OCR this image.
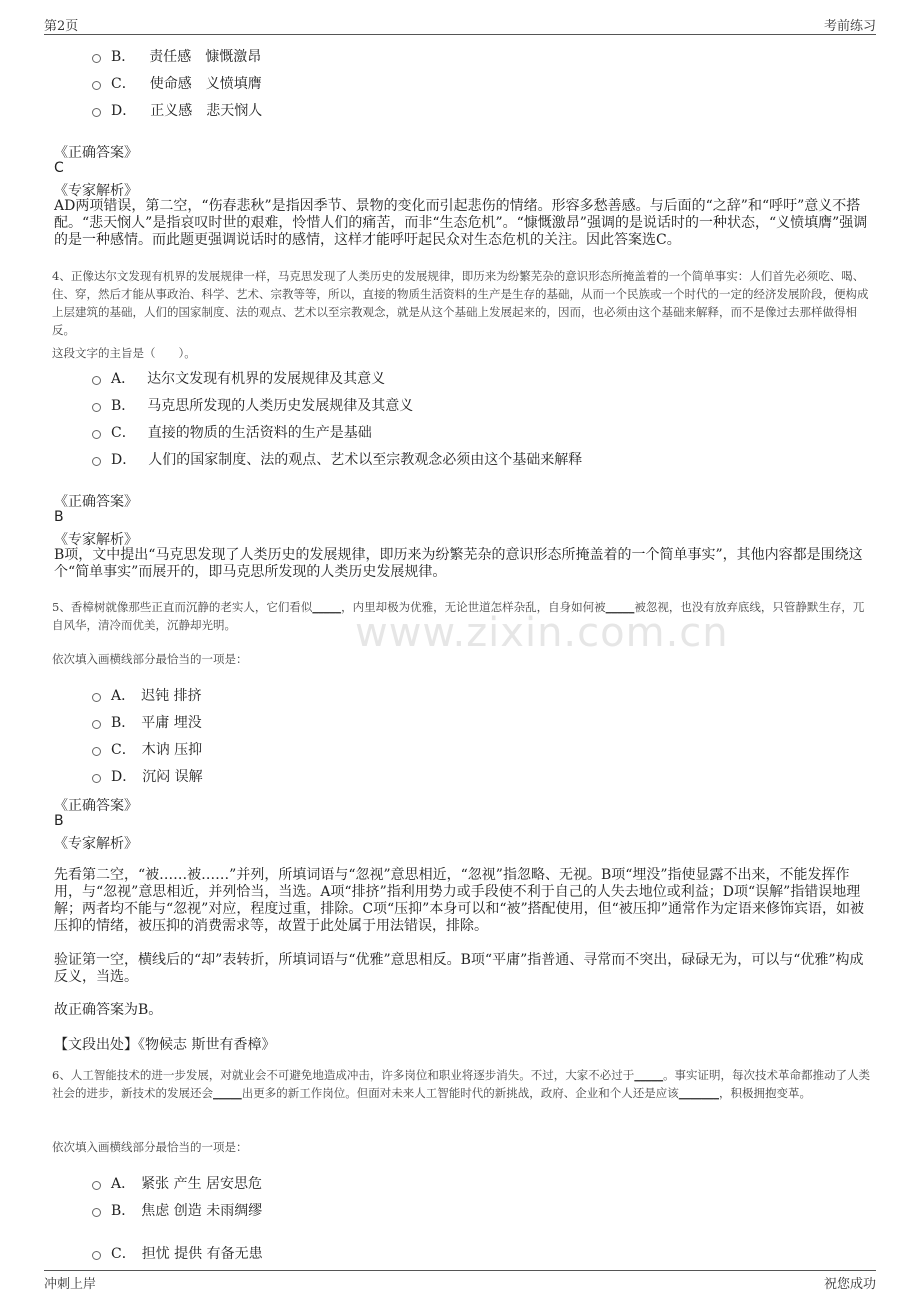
第2页	考前练习
www.zixin.com.cn
B． 责任感　慷慨激昂
C． 使命感　义愤填膺
D． 正义感　悲天悯人
《正确答案》
C
《专家解析》
AD两项错误，第二空，“伤春悲秋”是指因季节、景物的变化而引起悲伤的情绪。形容多愁善感。与后面的“之辞”和“呼吁”意义不搭配。“悲天悯人”是指哀叹时世的艰难，怜惜人们的痛苦，而非“生态危机”。“慷慨激昂”强调的是说话时的一种状态，“义愤填膺”强调的是一种感情。而此题更强调说话时的感情，这样才能呼吁起民众对生态危机的关注。因此答案选C。
4、正像达尔文发现有机界的发展规律一样，马克思发现了人类历史的发展规律，即历来为纷繁芜杂的意识形态所掩盖着的一个简单事实：人们首先必须吃、喝、住、穿，然后才能从事政治、科学、艺术、宗教等等，所以，直接的物质生活资料的生产是生存的基础，从而一个民族或一个时代的一定的经济发展阶段，便构成上层建筑的基础，人们的国家制度、法的观点、艺术以至宗教观念，就是从这个基础上发展起来的，因而，也必须由这个基础来解释，而不是像过去那样做得相反。
这段文字的主旨是（　　）。
A． 达尔文发现有机界的发展规律及其意义
B． 马克思所发现的人类历史发展规律及其意义
C． 直接的物质的生活资料的生产是基础
D． 人们的国家制度、法的观点、艺术以至宗教观念必须由这个基础来解释
《正确答案》
B
《专家解析》
B项，文中提出“马克思发现了人类历史的发展规律，即历来为纷繁芜杂的意识形态所掩盖着的一个简单事实”，其他内容都是围绕这个“简单事实”而展开的，即马克思所发现的人类历史发展规律。
5、香樟树就像那些正直而沉静的老实人，它们看似_____，内里却极为优雅，无论世道怎样杂乱，自身如何被_____被忽视，也没有放弃底线，只管静默生存，兀自风华，清冷而优美，沉静却光明。
依次填入画横线部分最恰当的一项是：
A． 迟钝 排挤
B． 平庸 埋没
C． 木讷 压抑
D． 沉闷 误解
《正确答案》
B
《专家解析》
先看第二空，“被……被……”并列，所填词语与“忽视”意思相近，“忽视”指忽略、无视。B项“埋没”指使显露不出来，不能发挥作用，与“忽视”意思相近，并列恰当，当选。A项“排挤”指利用势力或手段使不利于自己的人失去地位或利益；D项“误解”指错误地理解；两者均不能与“忽视”对应，程度过重，排除。C项“压抑”本身可以和“被”搭配使用，但“被压抑”通常作为定语来修饰宾语，如被压抑的情绪，被压抑的消费需求等，故置于此处属于用法错误，排除。
验证第一空，横线后的“却”表转折，所填词语与“优雅”意思相反。B项“平庸”指普通、寻常而不突出，碌碌无为，可以与“优雅”构成反义，当选。
故正确答案为B。
【文段出处】《物候志 斯世有香樟》
6、人工智能技术的进一步发展，对就业会不可避免地造成冲击，许多岗位和职业将逐步消失。不过，大家不必过于_____。事实证明，每次技术革命都推动了人类社会的进步，新技术的发展还会_____出更多的新工作岗位。但面对未来人工智能时代的新挑战，政府、企业和个人还是应该_______，积极拥抱变革。
依次填入画横线部分最恰当的一项是：
A． 紧张 产生 居安思危
B． 焦虑 创造 未雨绸缪
C． 担忧 提供 有备无患
冲刺上岸	祝您成功
